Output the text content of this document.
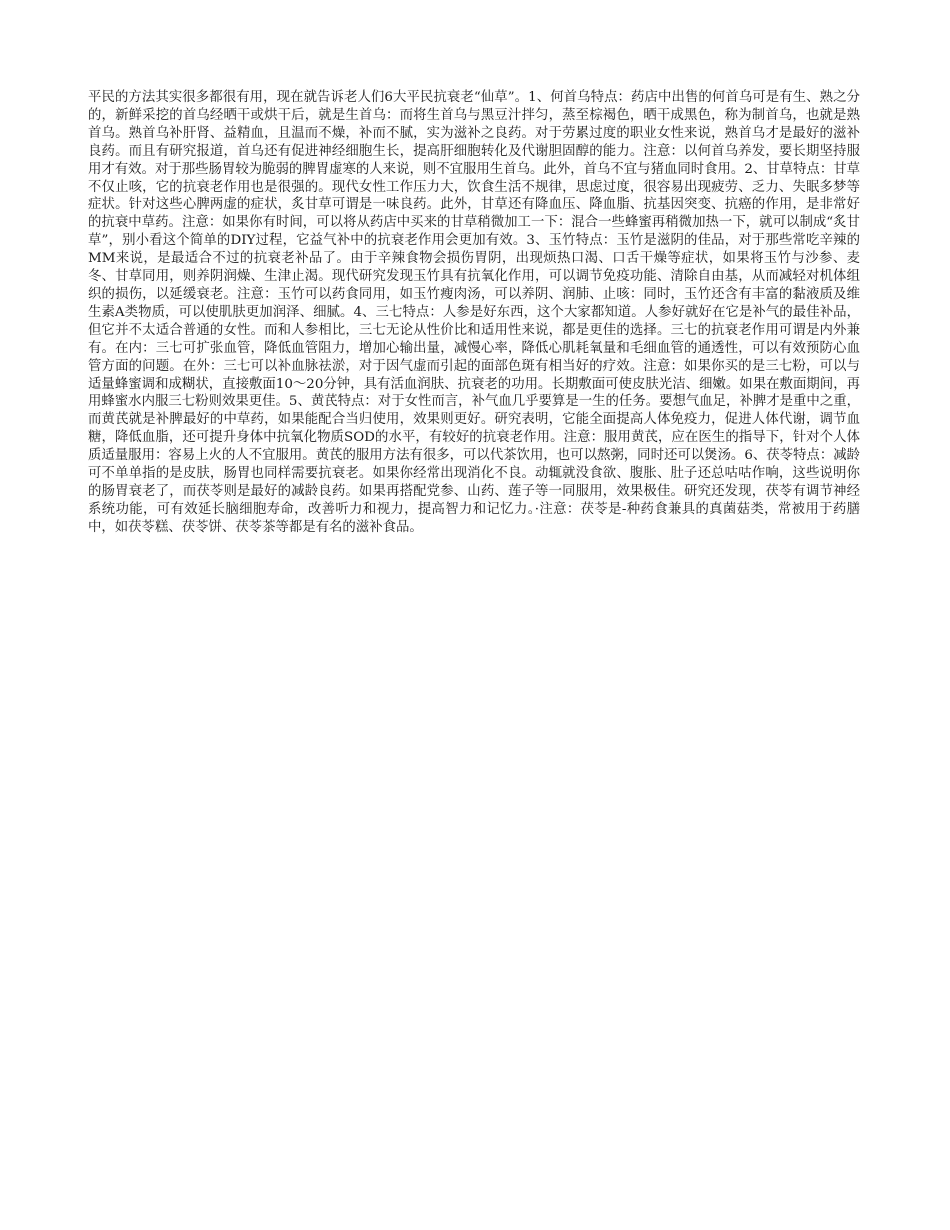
平民的方法其实很多都很有用，现在就告诉老人们6大平民抗衰老“仙草”。1、何首乌特点：药店中出售的何首乌可是有生、熟之分的，新鲜采挖的首乌经晒干或烘干后，就是生首乌：而将生首乌与黑豆汁拌匀，蒸至棕褐色，晒干成黑色，称为制首乌，也就是熟首乌。熟首乌补肝肾、益精血，且温而不燥，补而不腻，实为滋补之良药。对于劳累过度的职业女性来说，熟首乌才是最好的滋补良药。而且有研究报道，首乌还有促进神经细胞生长，提高肝细胞转化及代谢胆固醇的能力。注意：以何首乌养发，要长期坚持服用才有效。对于那些肠胃较为脆弱的脾胃虚寒的人来说，则不宜服用生首乌。此外，首乌不宜与猪血同时食用。2、甘草特点：甘草不仅止咳，它的抗衰老作用也是很强的。现代女性工作压力大，饮食生活不规律，思虑过度，很容易出现疲劳、乏力、失眠多梦等症状。针对这些心脾两虚的症状，炙甘草可谓是一味良药。此外，甘草还有降血压、降血脂、抗基因突变、抗癌的作用，是非常好的抗衰中草药。注意：如果你有时间，可以将从药店中买来的甘草稍微加工一下：混合一些蜂蜜再稍微加热一下，就可以制成“炙甘草”，别小看这个简单的DIY过程，它益气补中的抗衰老作用会更加有效。3、玉竹特点：玉竹是滋阴的佳品，对于那些常吃辛辣的MM来说，是最适合不过的抗衰老补品了。由于辛辣食物会损伤胃阴，出现烦热口渴、口舌干燥等症状，如果将玉竹与沙参、麦冬、甘草同用，则养阴润燥、生津止渴。现代研究发现玉竹具有抗氧化作用，可以调节免疫功能、清除自由基，从而减轻对机体组织的损伤，以延缓衰老。注意：玉竹可以药食同用，如玉竹瘦肉汤，可以养阴、润肺、止咳：同时，玉竹还含有丰富的黏液质及维生素A类物质，可以使肌肤更加润泽、细腻。4、三七特点：人参是好东西，这个大家都知道。人参好就好在它是补气的最佳补品，但它并不太适合普通的女性。而和人参相比，三七无论从性价比和适用性来说，都是更佳的选择。三七的抗衰老作用可谓是内外兼有。在内：三七可扩张血管，降低血管阻力，增加心输出量，减慢心率，降低心肌耗氧量和毛细血管的通透性，可以有效预防心血管方面的问题。在外：三七可以补血脉祛淤，对于因气虚而引起的面部色斑有相当好的疗效。注意：如果你买的是三七粉，可以与适量蜂蜜调和成糊状，直接敷面10～20分钟，具有活血润肤、抗衰老的功用。长期敷面可使皮肤光洁、细嫩。如果在敷面期间，再用蜂蜜水内服三七粉则效果更佳。5、黄芪特点：对于女性而言，补气血几乎要算是一生的任务。要想气血足，补脾才是重中之重，而黄芪就是补脾最好的中草药，如果能配合当归使用，效果则更好。研究表明，它能全面提高人体免疫力，促进人体代谢，调节血糖，降低血脂，还可提升身体中抗氧化物质SOD的水平，有较好的抗衰老作用。注意：服用黄芪，应在医生的指导下，针对个人体质适量服用：容易上火的人不宜服用。黄芪的服用方法有很多，可以代茶饮用，也可以熬粥，同时还可以煲汤。6、茯苓特点：减龄可不单单指的是皮肤，肠胃也同样需要抗衰老。如果你经常出现消化不良。动辄就没食欲、腹胀、肚子还总咕咕作响，这些说明你的肠胃衰老了，而茯苓则是最好的减龄良药。如果再搭配党参、山药、莲子等一同服用，效果极佳。研究还发现，茯苓有调节神经系统功能，可有效延长脑细胞寿命，改善听力和视力，提高智力和记忆力。·注意：茯苓是-种药食兼具的真菌菇类，常被用于药膳中，如茯苓糕、茯苓饼、茯苓茶等都是有名的滋补食品。
